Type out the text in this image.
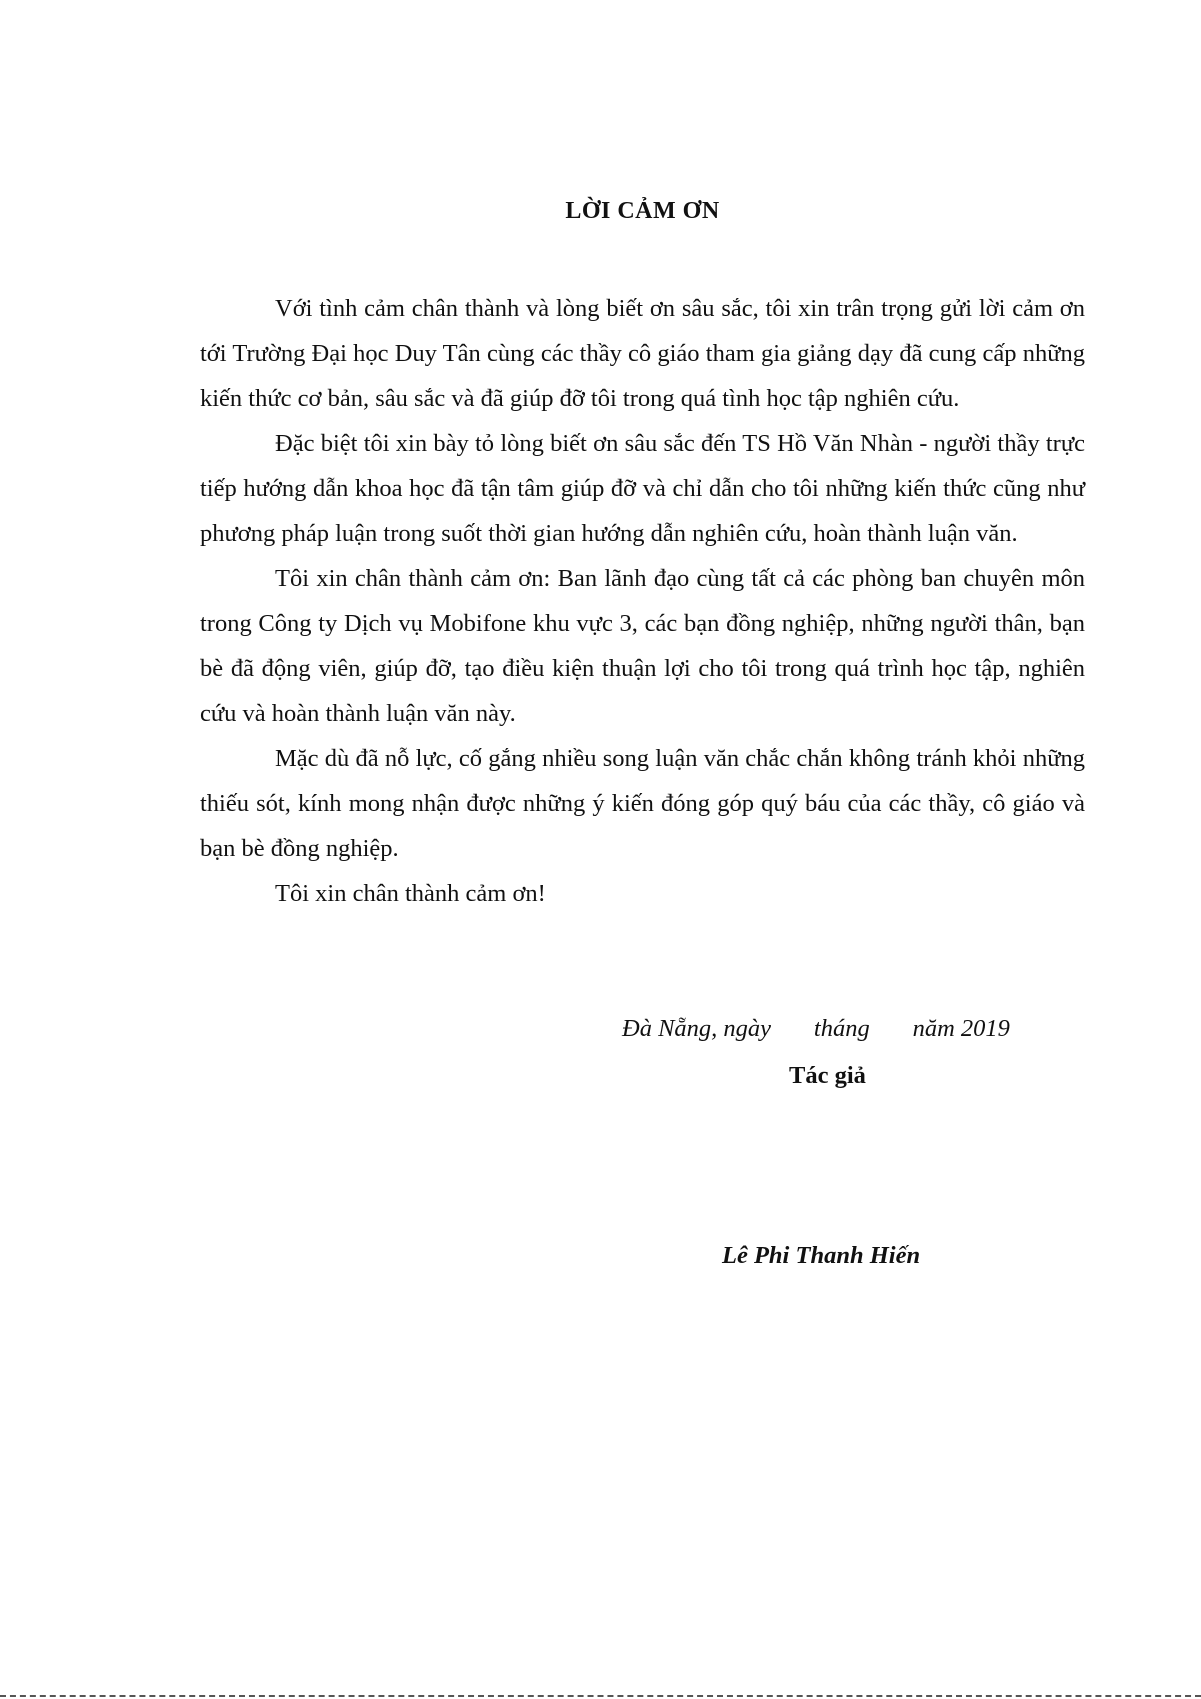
LỜI CẢM ƠN

Với tình cảm chân thành và lòng biết ơn sâu sắc, tôi xin trân trọng gửi lời cảm ơn tới Trường Đại học Duy Tân cùng các thầy cô giáo tham gia giảng dạy đã cung cấp những kiến thức cơ bản, sâu sắc và đã giúp đỡ tôi trong quá tình học tập nghiên cứu.

Đặc biệt tôi xin bày tỏ lòng biết ơn sâu sắc đến TS Hồ Văn Nhàn - người thầy trực tiếp hướng dẫn khoa học đã tận tâm giúp đỡ và chỉ dẫn cho tôi những kiến thức cũng như phương pháp luận trong suốt thời gian hướng dẫn nghiên cứu, hoàn thành luận văn.

Tôi xin chân thành cảm ơn: Ban lãnh đạo cùng tất cả các phòng ban chuyên môn trong Công ty Dịch vụ Mobifone khu vực 3, các bạn đồng nghiệp, những người thân, bạn bè đã động viên, giúp đỡ, tạo điều kiện thuận lợi cho tôi trong quá trình học tập, nghiên cứu và hoàn thành luận văn này.

Mặc dù đã nỗ lực, cố gắng nhiều song luận văn chắc chắn không tránh khỏi những thiếu sót, kính mong nhận được những ý kiến đóng góp quý báu của các thầy, cô giáo và bạn bè đồng nghiệp.

Tôi xin chân thành cảm ơn!

Đà Nẵng, ngày       tháng       năm 2019
Tác giả
Lê Phi Thanh Hiến
